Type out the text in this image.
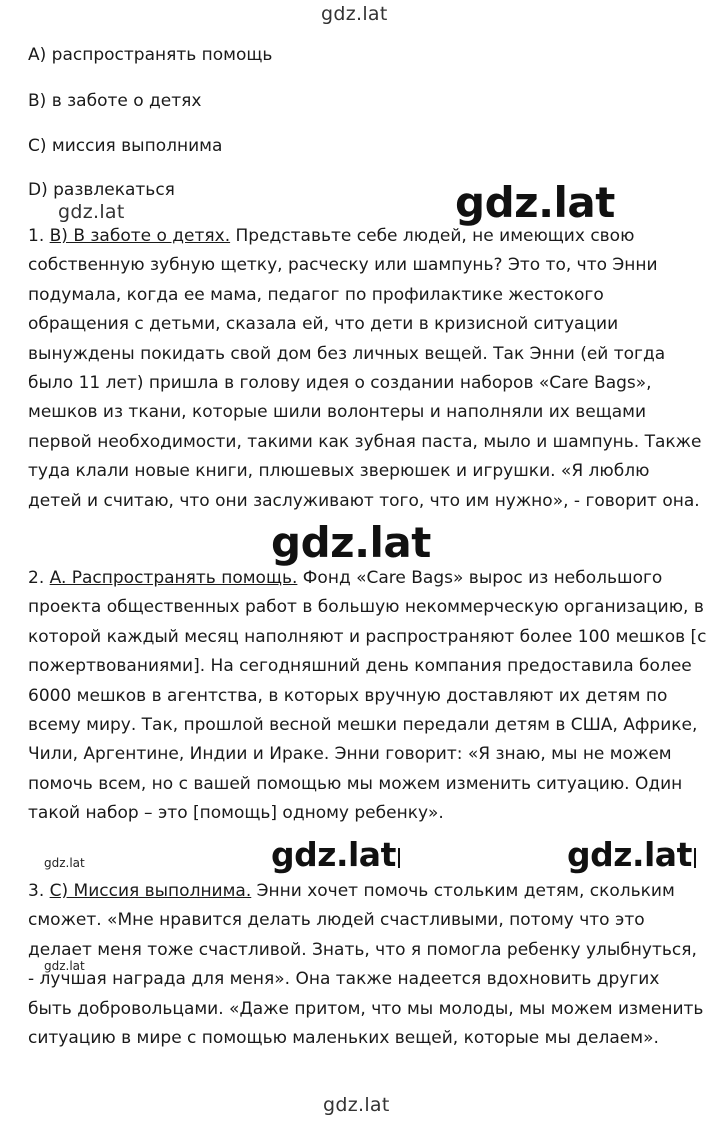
gdz.lat
gdz.lat	gdz.lat
gdz.lat
A) распространять помощь
B) в заботе о детях
C) миссия выполнима
D) развлекаться

1. B) В заботе о детях. Представьте себе людей, не имеющих свою собственную зубную щетку, расческу или шампунь? Это то, что Энни подумала, когда ее мама, педагог по профилактике жестокого обращения с детьми, сказала ей, что дети в кризисной ситуации вынуждены покидать свой дом без личных вещей. Так Энни (ей тогда было 11 лет) пришла в голову идея о создании наборов «Care Bags», мешков из ткани, которые шили волонтеры и наполняли их вещами первой необходимости, такими как зубная паста, мыло и шампунь. Также туда клали новые книги, плюшевых зверюшек и игрушки. «Я люблю детей и считаю, что они заслуживают того, что им нужно», - говорит она.

2. A. Распространять помощь. Фонд «Care Bags» вырос из небольшого проекта общественных работ в большую некоммерческую организацию, в которой каждый месяц наполняют и распространяют более 100 мешков [с пожертвованиями]. На сегодняшний день компания предоставила более 6000 мешков в агентства, в которых вручную доставляют их детям по всему миру. Так, прошлой весной мешки передали детям в США, Африке, Чили, Аргентине, Индии и Ираке. Энни говорит: «Я знаю, мы не можем помочь всем, но с вашей помощью мы можем изменить ситуацию. Один такой набор – это [помощь] одному ребенку».

gdz.lat	gdz.lat	gdz.lat

3. C) Миссия выполнима. Энни хочет помочь стольким детям, скольким сможет. «Мне нравится делать людей счастливыми, потому что это делает меня тоже счастливой. Знать, что я помогла ребенку улыбнуться, - лучшая награда для меня». Она также надеется вдохновить других быть добровольцами. «Даже притом, что мы молоды, мы можем изменить ситуацию в мире с помощью маленьких вещей, которые мы делаем».

gdz.lat
gdz.lat
